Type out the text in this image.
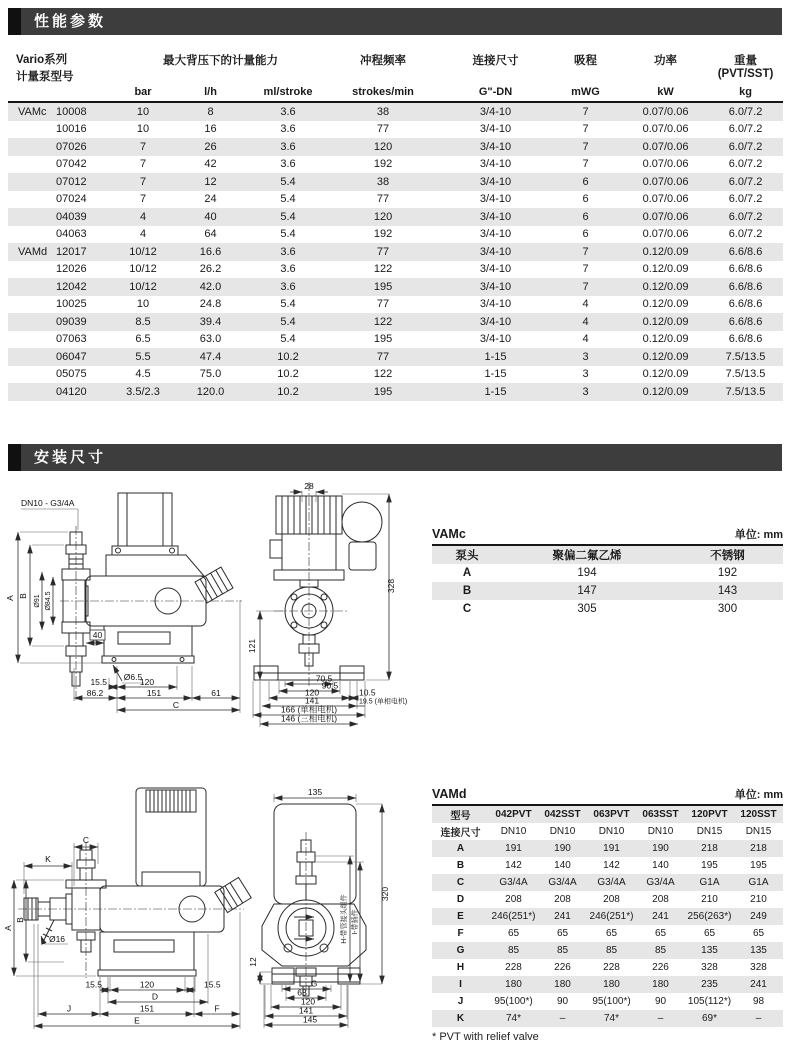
性能参数
Vario系列
计量泵型号		最大背压下的计量能力			冲程频率	连接尺寸	吸程	功率	重量
(PVT/SST)
		bar	l/h	ml/stroke	strokes/min	G"-DN	mWG	kW	kg
VAMc	10008	10	8	3.6	38	3/4-10	7	0.07/0.06	6.0/7.2
	10016	10	16	3.6	77	3/4-10	7	0.07/0.06	6.0/7.2
	07026	7	26	3.6	120	3/4-10	7	0.07/0.06	6.0/7.2
	07042	7	42	3.6	192	3/4-10	7	0.07/0.06	6.0/7.2
	07012	7	12	5.4	38	3/4-10	6	0.07/0.06	6.0/7.2
	07024	7	24	5.4	77	3/4-10	6	0.07/0.06	6.0/7.2
	04039	4	40	5.4	120	3/4-10	6	0.07/0.06	6.0/7.2
	04063	4	64	5.4	192	3/4-10	6	0.07/0.06	6.0/7.2
VAMd	12017	10/12	16.6	3.6	77	3/4-10	7	0.12/0.09	6.6/8.6
	12026	10/12	26.2	3.6	122	3/4-10	7	0.12/0.09	6.6/8.6
	12042	10/12	42.0	3.6	195	3/4-10	7	0.12/0.09	6.6/8.6
	10025	10	24.8	5.4	77	3/4-10	4	0.12/0.09	6.6/8.6
	09039	8.5	39.4	5.4	122	3/4-10	4	0.12/0.09	6.6/8.6
	07063	6.5	63.0	5.4	195	3/4-10	4	0.12/0.09	6.6/8.6
	06047	5.5	47.4	10.2	77	1-15	3	0.12/0.09	7.5/13.5
	05075	4.5	75.0	10.2	122	1-15	3	0.12/0.09	7.5/13.5
	04120	3.5/2.3	120.0	10.2	195	1-15	3	0.12/0.09	7.5/13.5
安装尺寸
DN10 - G3/4A
A B Ø91 Ø84.5
40
Ø6.5
15.5	120
86.2	151	61
C
28
328
121
70.5
90.5
120	10.5
141	19.5 (单相电机)
166 (单相电机)
146 (三相电机)
VAMc	单位: mm
泵头	聚偏二氟乙烯	不锈钢
A	194	192
B	147	143
C	305	300
C
K
A
B
Ø16
15.5	120	15.5
D
J	151	F
E
135
320
H-带管接头组件 I-带插件
12
G
68
120
141
145
VAMd	单位: mm
型号	042PVT	042SST	063PVT	063SST	120PVT	120SST
连接尺寸	DN10	DN10	DN10	DN10	DN15	DN15
A	191	190	191	190	218	218
B	142	140	142	140	195	195
C	G3/4A	G3/4A	G3/4A	G3/4A	G1A	G1A
D	208	208	208	208	210	210
E	246(251*)	241	246(251*)	241	256(263*)	249
F	65	65	65	65	65	65
G	85	85	85	85	135	135
H	228	226	228	226	328	328
I	180	180	180	180	235	241
J	95(100*)	90	95(100*)	90	105(112*)	98
K	74*	–	74*	–	69*	–
* PVT with relief valve
